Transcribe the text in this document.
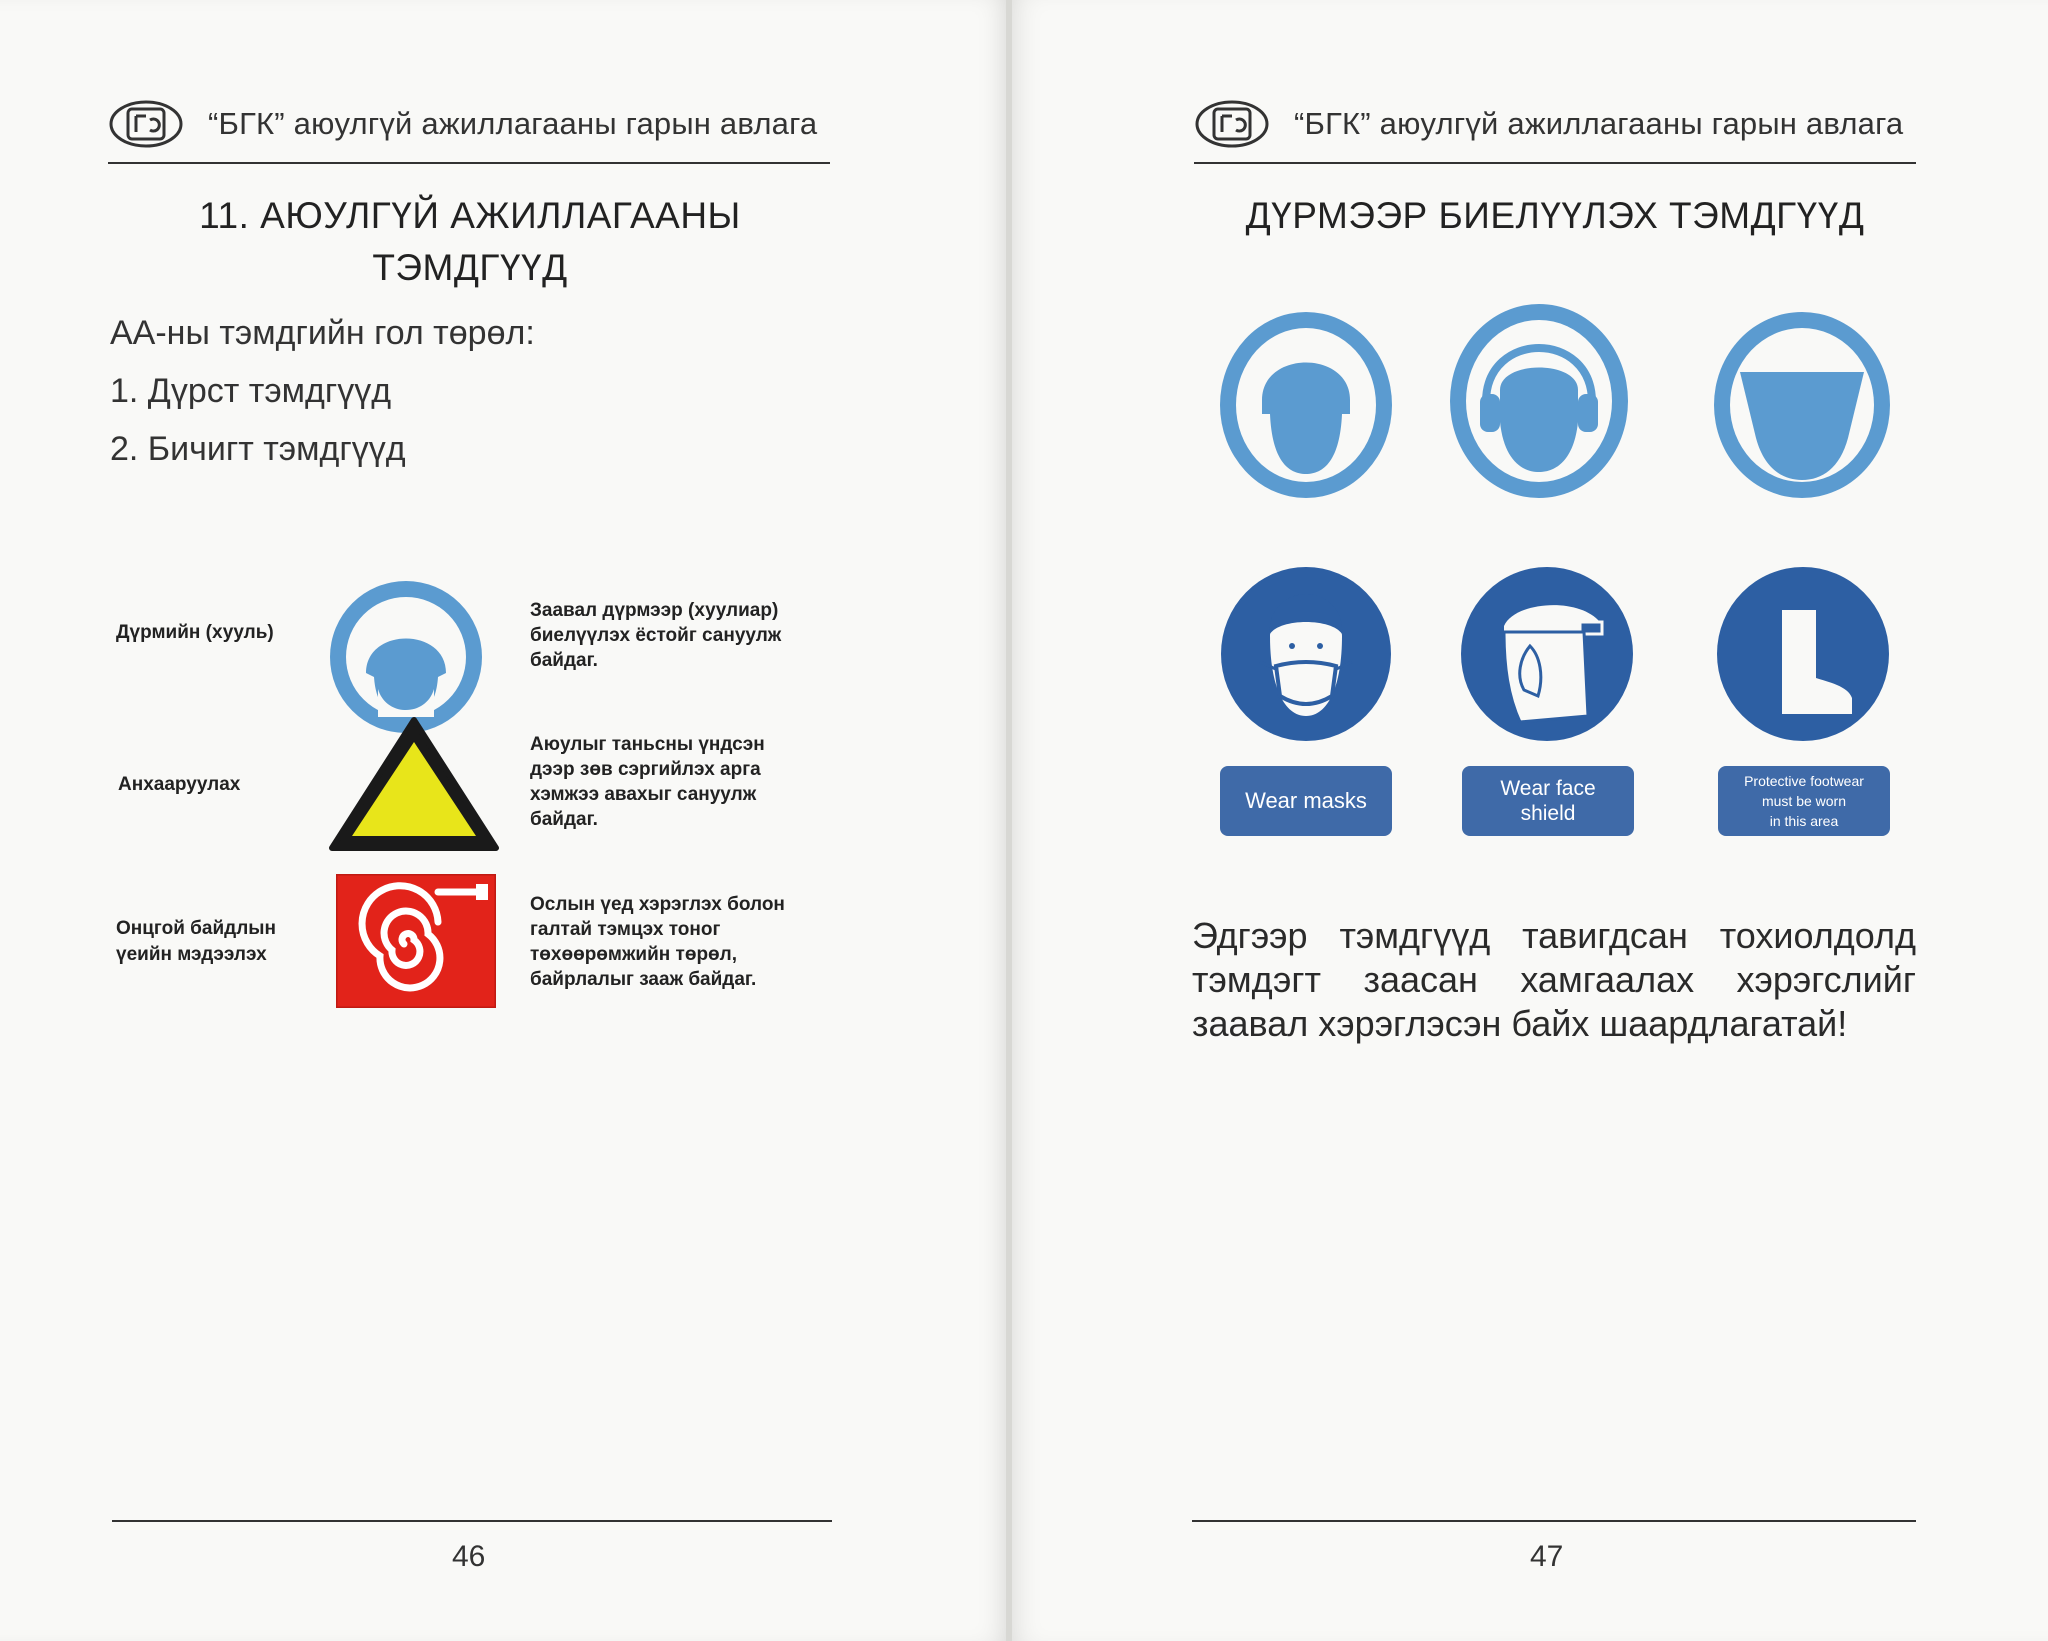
“БГК” аюулгүй ажиллагааны гарын авлага
11. АЮУЛГҮЙ АЖИЛЛАГААНЫ
ТЭМДГҮҮД
АА-ны тэмдгийн гол төрөл:
1. Дүрст тэмдгүүд
2. Бичигт тэмдгүүд
Дүрмийн (хууль)
Заавал дүрмээр (хуулиар)
биелүүлэх ёстойг сануулж
байдаг.
Анхааруулах
Аюулыг таньсны үндсэн
дээр зөв сэргийлэх арга
хэмжээ авахыг сануулж
байдаг.
Онцгой байдлын
үеийн мэдээлэх
Ослын үед хэрэглэх болон
галтай тэмцэх тоног
төхөөрөмжийн төрөл,
байрлалыг зааж байдаг.
46
“БГК” аюулгүй ажиллагааны гарын авлага
ДҮРМЭЭР БИЕЛҮҮЛЭХ ТЭМДГҮҮД
Wear masks	Wear face
shield
Protective footwear
must be worn
in this area
Эдгээр тэмдгүүд тавигдсан тохиолдолд тэмдэгт заасан хамгаалах хэрэгслийг заавал хэрэглэсэн байх шаардлагатай!
47
